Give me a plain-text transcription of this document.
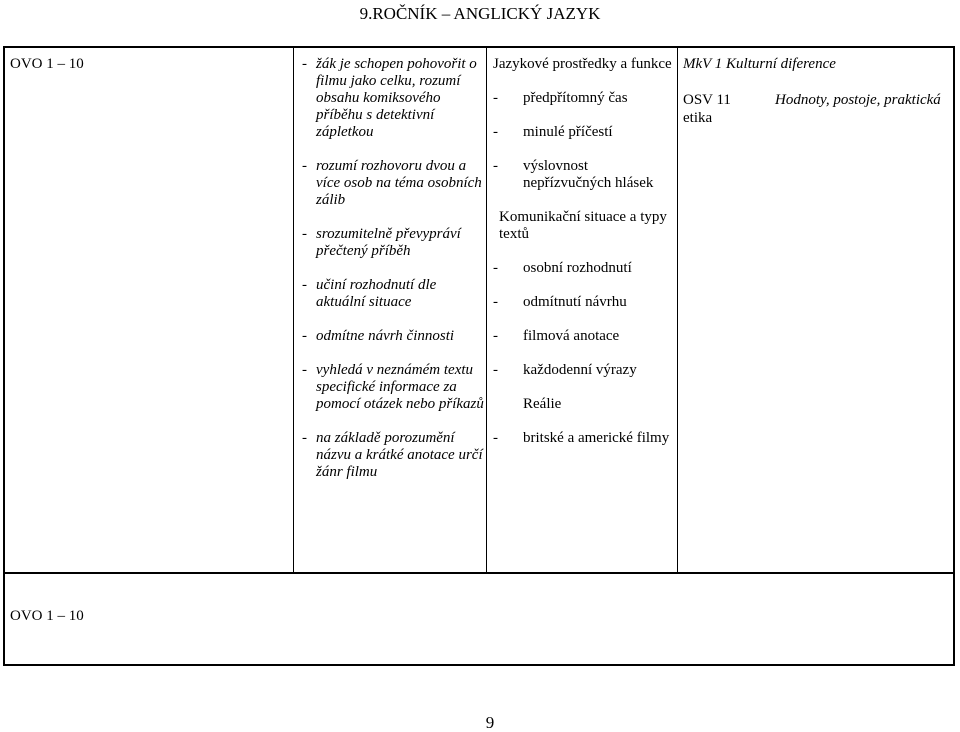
9.ROČNÍK – ANGLICKÝ JAZYK
OVO 1 – 10
-	žák je schopen pohovořit o filmu jako celku, rozumí obsahu komiksového příběhu s detektivní zápletkou
- rozumí rozhovoru dvou a více osob na téma osobních zálib
- srozumitelně převypráví přečtený příběh
- učiní rozhodnutí dle aktuální situace
- odmítne návrh činnosti
- vyhledá v neznámém textu specifické informace za pomocí otázek nebo příkazů
- na základě porozumění názvu a krátké anotace určí žánr filmu
Jazykové prostředky a funkce
- předpřítomný čas
- minulé příčestí
- výslovnost nepřízvučných hlásek
Komunikační situace a typy textů
- osobní rozhodnutí
- odmítnutí návrhu
- filmová anotace
- každodenní výrazy
Reálie
- britské a americké filmy
MkV 1 Kulturní diference
OSV 11	Hodnoty, postoje, praktická
etika
OVO 1 – 10
9
